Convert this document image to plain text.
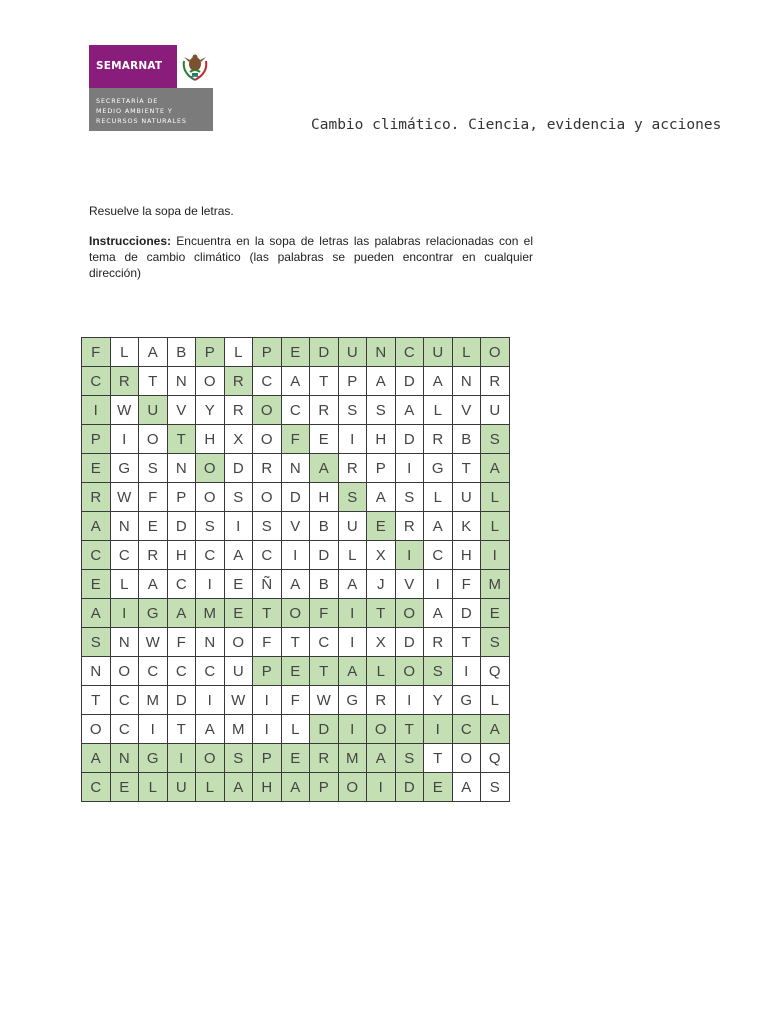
SEMARNAT
SECRETARÍA DE
MEDIO AMBIENTE Y
RECURSOS NATURALES	Cambio climático. Ciencia, evidencia y acciones
Resuelve la sopa de letras.
Instrucciones: Encuentra en la sopa de letras las palabras relacionadas con el tema de cambio climático (las palabras se pueden encontrar en cualquier dirección)
F	L	A	B	P	L	P	E	D	U	N	C	U	L	O
C	R	T	N	O	R	C	A	T	P	A	D	A	N	R
I	W	U	V	Y	R	O	C	R	S	S	A	L	V	U
P	I	O	T	H	X	O	F	E	I	H	D	R	B	S
E	G	S	N	O	D	R	N	A	R	P	I	G	T	A
R	W	F	P	O	S	O	D	H	S	A	S	L	U	L
A	N	E	D	S	I	S	V	B	U	E	R	A	K	L
C	C	R	H	C	A	C	I	D	L	X	I	C	H	I
E	L	A	C	I	E	Ñ	A	B	A	J	V	I	F	M
A	I	G	A	M	E	T	O	F	I	T	O	A	D	E
S	N	W	F	N	O	F	T	C	I	X	D	R	T	S
N	O	C	C	C	U	P	E	T	A	L	O	S	I	Q
T	C	M	D	I	W	I	F	W	G	R	I	Y	G	L
O	C	I	T	A	M	I	L	D	I	O	T	I	C	A
A	N	G	I	O	S	P	E	R	M	A	S	T	O	Q
C	E	L	U	L	A	H	A	P	O	I	D	E	A	S
